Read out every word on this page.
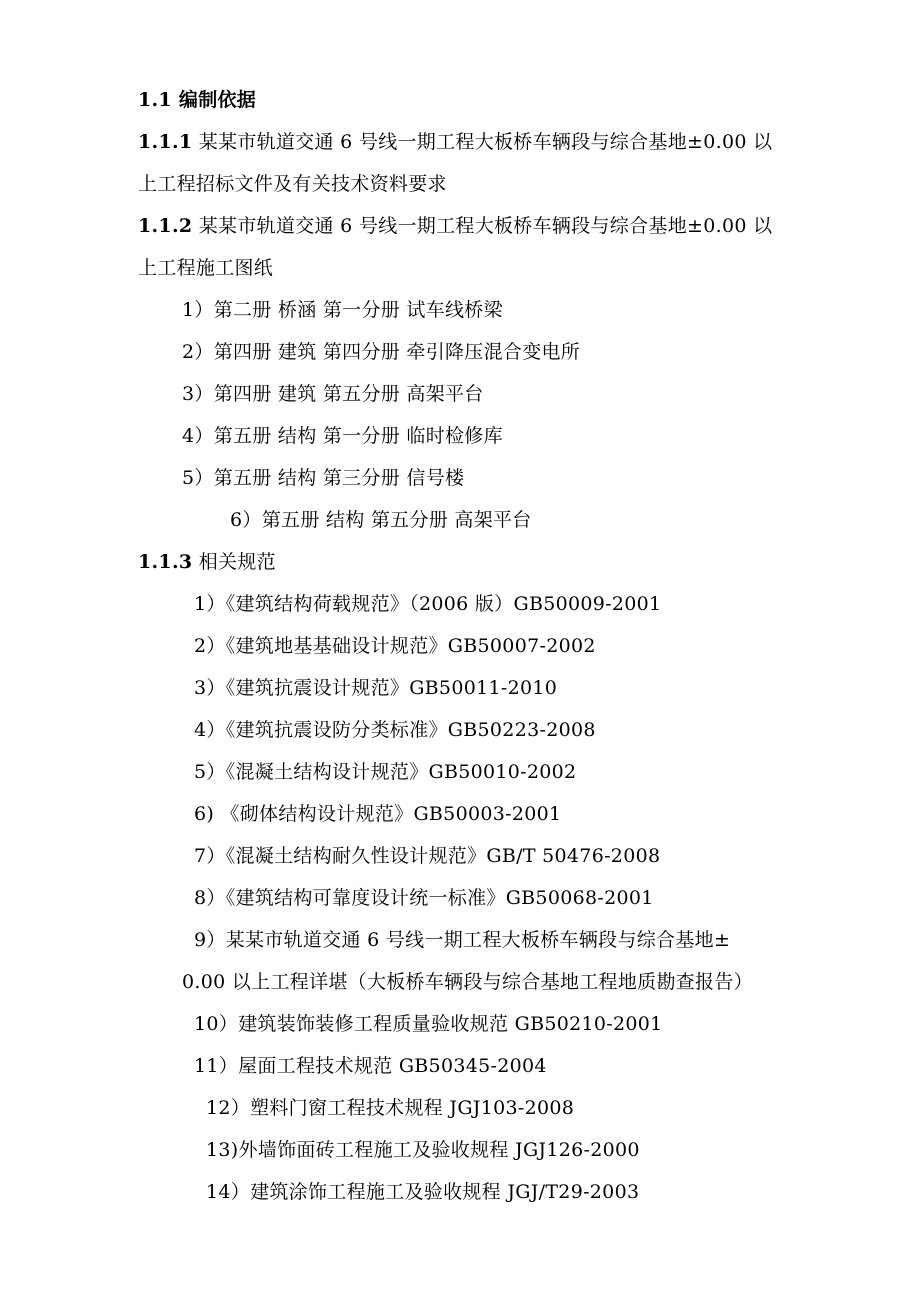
1.1 编制依据
1.1.1 某某市轨道交通 6 号线一期工程大板桥车辆段与综合基地±0.00 以
上工程招标文件及有关技术资料要求
1.1.2 某某市轨道交通 6 号线一期工程大板桥车辆段与综合基地±0.00 以
上工程施工图纸
1）第二册 桥涵 第一分册 试车线桥梁
2）第四册 建筑 第四分册 牵引降压混合变电所
3）第四册 建筑 第五分册 高架平台
4）第五册 结构 第一分册 临时检修库
5）第五册 结构 第三分册 信号楼
6）第五册 结构 第五分册 高架平台
1.1.3 相关规范
1）《建筑结构荷载规范》（2006 版）GB50009-2001
2）《建筑地基基础设计规范》GB50007-2002
3）《建筑抗震设计规范》GB50011-2010
4）《建筑抗震设防分类标准》GB50223-2008
5）《混凝土结构设计规范》GB50010-2002
6) 《砌体结构设计规范》GB50003-2001
7）《混凝土结构耐久性设计规范》GB/T 50476-2008
8）《建筑结构可靠度设计统一标准》GB50068-2001
9）某某市轨道交通 6 号线一期工程大板桥车辆段与综合基地±
0.00 以上工程详堪（大板桥车辆段与综合基地工程地质勘查报告）
10）建筑装饰装修工程质量验收规范 GB50210-2001
11）屋面工程技术规范 GB50345-2004
12）塑料门窗工程技术规程 JGJ103-2008
13)外墙饰面砖工程施工及验收规程 JGJ126-2000
14）建筑涂饰工程施工及验收规程 JGJ/T29-2003
